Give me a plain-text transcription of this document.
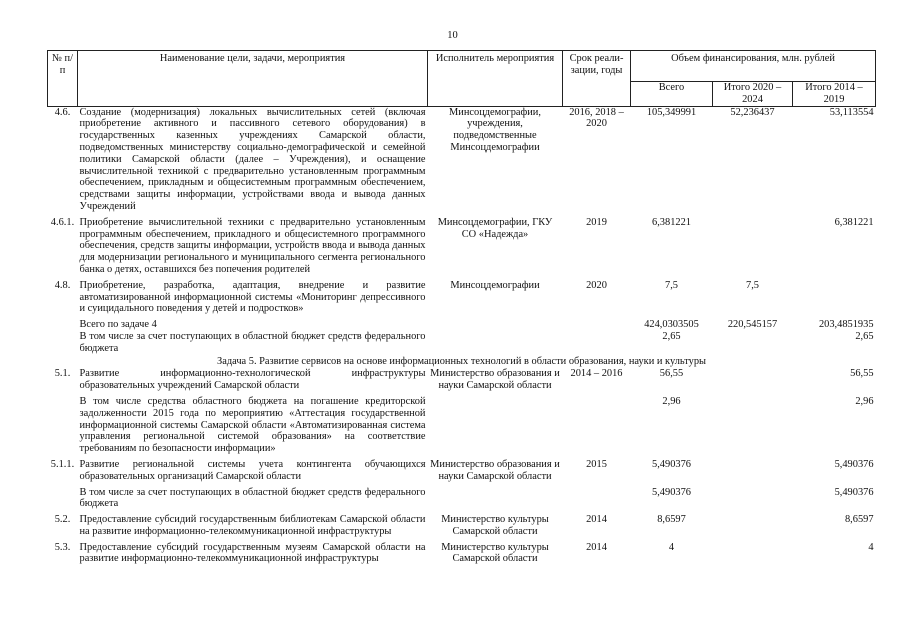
10
№ п/п	Наименование цели, задачи, мероприятия	Исполнитель мероприятия	Срок реали-зации, годы	Объем финансирования, млн. рублей		
				Всего	Итого 2020 – 2024	Итого 2014 – 2019
4.6.	Создание (модернизация) локальных вычислительных сетей (включая приобретение активного и пассивного сетевого оборудования) в государственных казенных учреждениях Самарской области, подведомственных министерству социально-демографической и семейной политики Самарской области (далее – Учреждения), и оснащение вычислительной техникой с предварительно установленным программным обеспечением, прикладным и общесистемным программным обеспечением, средствами защиты информации, устройствами ввода и вывода данных Учреждений	Минсоцдемографии, учреждения, подведомственные Минсоцдемографии	2016, 2018 – 2020	105,349991	52,236437	53,113554

4.6.1.	Приобретение вычислительной техники с предварительно установленным программным обеспечением, прикладного и общесистемного программного обеспечения, средств защиты информации, устройств ввода и вывода данных для модернизации регионального и муниципального сегмента регионального банка о детях, оставшихся без попечения родителей	Минсоцдемографии, ГКУ СО «Надежда»	2019	6,381221		6,381221

4.8.	Приобретение, разработка, адаптация, внедрение и развитие автоматизированной информационной системы «Мониторинг депрессивного и суицидального поведения у детей и подростков»	Минсоцдемографии	2020	7,5	7,5	

	Всего по задаче 4			424,0303505	220,545157	203,4851935
	В том числе за счет поступающих в областной бюджет средств федерального бюджета			2,65		2,65
Задача 5. Развитие сервисов на основе информационных технологий в области образования, науки и культуры						
5.1.	Развитие информационно-технологической инфраструктуры образовательных учреждений Самарской области	Министерство образования и науки Самарской области	2014 – 2016	56,55		56,55

	В том числе средства областного бюджета на погашение кредиторской задолженности 2015 года по мероприятию «Аттестация государственной информационной системы Самарской области «Автоматизированная система управления региональной системой образования» на соответствие требованиям по безопасности информации»			2,96		2,96

5.1.1.	Развитие региональной системы учета контингента обучающихся образовательных организаций Самарской области	Министерство образования и науки Самарской области	2015	5,490376		5,490376

	В том числе за счет поступающих в областной бюджет средств федерального бюджета			5,490376		5,490376

5.2.	Предоставление субсидий государственным библиотекам Самарской области на развитие информационно-телекоммуникационной инфраструктуры	Министерство культуры Самарской области	2014	8,6597		8,6597

5.3.	Предоставление субсидий государственным музеям Самарской области на развитие информационно-телекоммуникационной инфраструктуры	Министерство культуры Самарской области	2014	4		4
